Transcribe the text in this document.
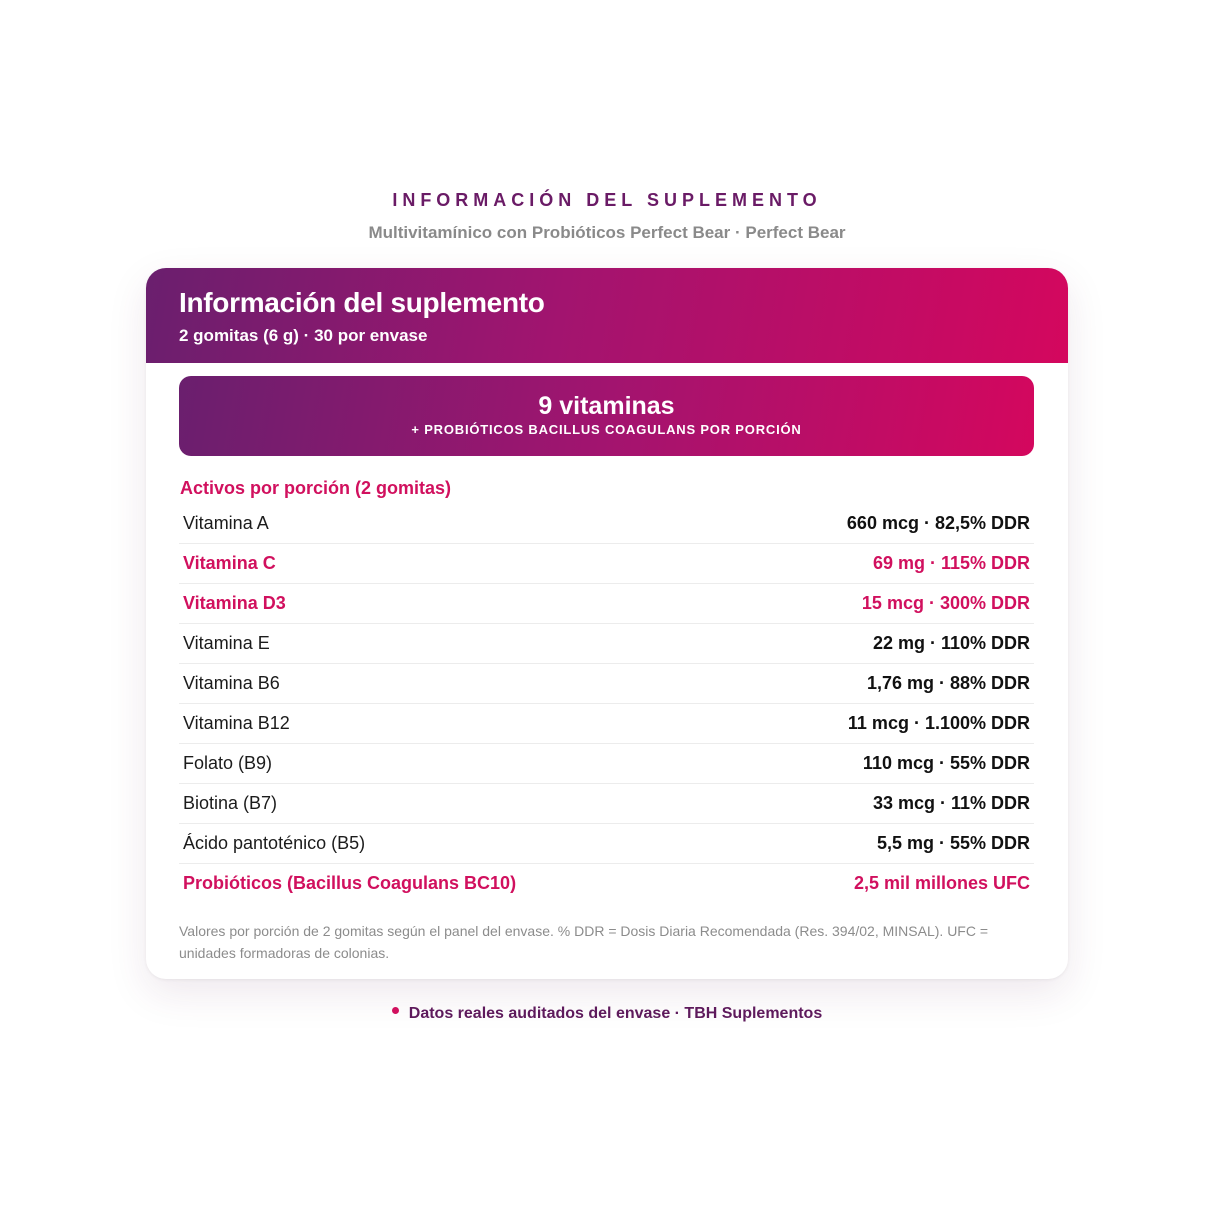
INFORMACIÓN DEL SUPLEMENTO
Multivitamínico con Probióticos Perfect Bear · Perfect Bear
Información del suplemento
2 gomitas (6 g) · 30 por envase
9 vitaminas
+ PROBIÓTICOS BACILLUS COAGULANS POR PORCIÓN
Activos por porción (2 gomitas)
Vitamina A	660 mcg · 82,5% DDR
Vitamina C	69 mg · 115% DDR
Vitamina D3	15 mcg · 300% DDR
Vitamina E	22 mg · 110% DDR
Vitamina B6	1,76 mg · 88% DDR
Vitamina B12	11 mcg · 1.100% DDR
Folato (B9)	110 mcg · 55% DDR
Biotina (B7)	33 mcg · 11% DDR
Ácido pantoténico (B5)	5,5 mg · 55% DDR
Probióticos (Bacillus Coagulans BC10)	2,5 mil millones UFC
Valores por porción de 2 gomitas según el panel del envase. % DDR = Dosis Diaria Recomendada (Res. 394/02, MINSAL). UFC = unidades formadoras de colonias.
Datos reales auditados del envase · TBH Suplementos
